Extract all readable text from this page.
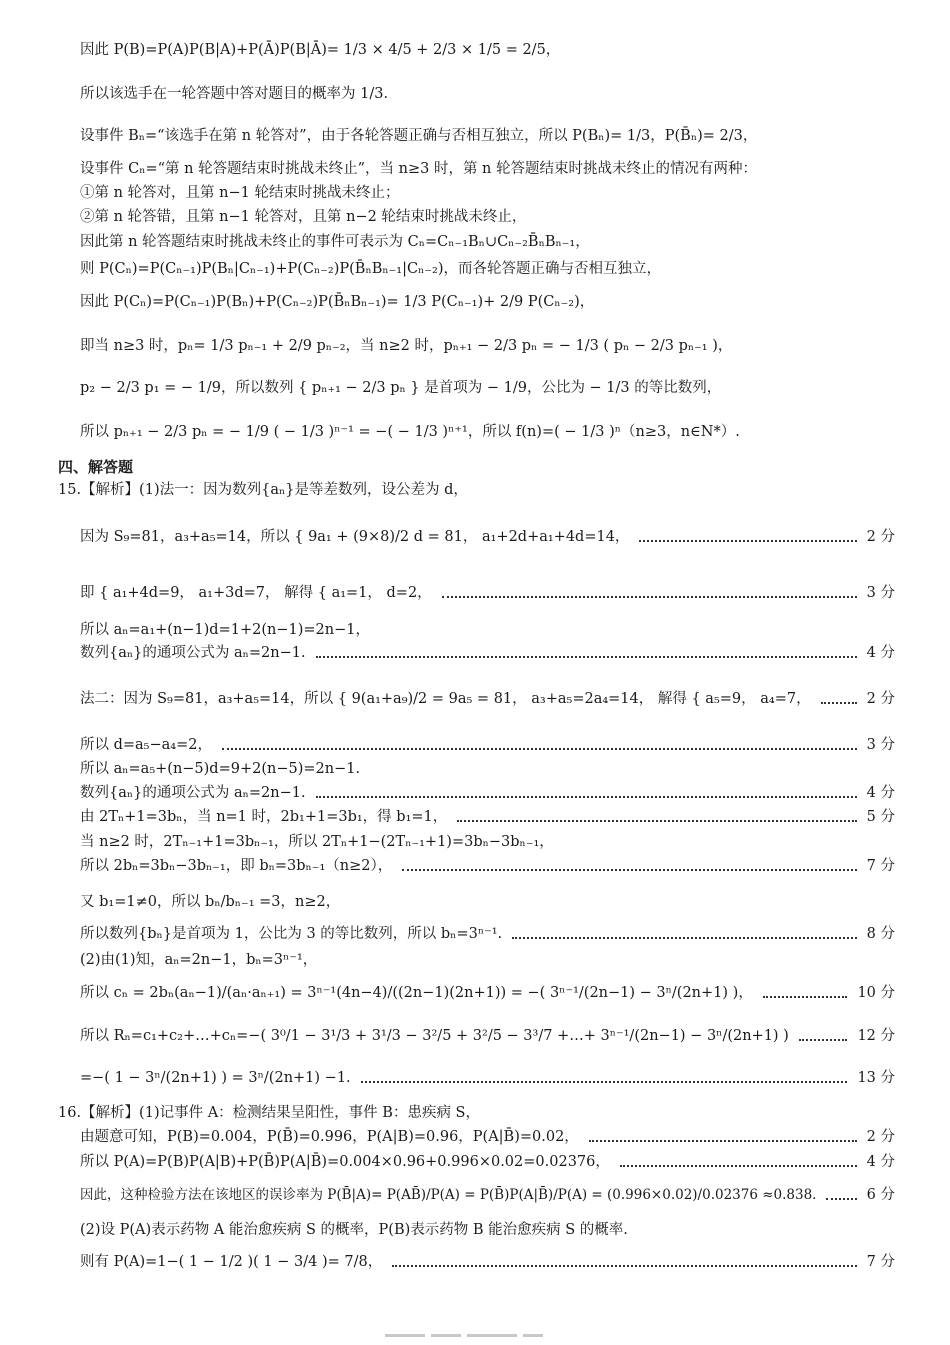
因此 P(B)=P(A)P(B|A)+P(Ā)P(B|Ā)= 1/3 × 4/5 + 2/3 × 1/5 = 2/5，
所以该选手在一轮答题中答对题目的概率为 1/3.
设事件 Bₙ=“该选手在第 n 轮答对”，由于各轮答题正确与否相互独立，所以 P(Bₙ)= 1/3，P(B̄ₙ)= 2/3，
设事件 Cₙ=“第 n 轮答题结束时挑战未终止”，当 n≥3 时，第 n 轮答题结束时挑战未终止的情况有两种：
①第 n 轮答对，且第 n−1 轮结束时挑战未终止；
②第 n 轮答错，且第 n−1 轮答对，且第 n−2 轮结束时挑战未终止，
因此第 n 轮答题结束时挑战未终止的事件可表示为 Cₙ=Cₙ₋₁Bₙ∪Cₙ₋₂B̄ₙBₙ₋₁，
则 P(Cₙ)=P(Cₙ₋₁)P(Bₙ|Cₙ₋₁)+P(Cₙ₋₂)P(B̄ₙBₙ₋₁|Cₙ₋₂)，而各轮答题正确与否相互独立，
因此 P(Cₙ)=P(Cₙ₋₁)P(Bₙ)+P(Cₙ₋₂)P(B̄ₙBₙ₋₁)= 1/3 P(Cₙ₋₁)+ 2/9 P(Cₙ₋₂)，
即当 n≥3 时，pₙ= 1/3 pₙ₋₁ + 2/9 pₙ₋₂，当 n≥2 时，pₙ₊₁ − 2/3 pₙ = − 1/3 ( pₙ − 2/3 pₙ₋₁ )，
p₂ − 2/3 p₁ = − 1/9，所以数列 { pₙ₊₁ − 2/3 pₙ } 是首项为 − 1/9，公比为 − 1/3 的等比数列，
所以 pₙ₊₁ − 2/3 pₙ = − 1/9 ( − 1/3 )ⁿ⁻¹ = −( − 1/3 )ⁿ⁺¹，所以 f(n)=( − 1/3 )ⁿ（n≥3，n∈N*）.
四、解答题
15.【解析】(1)法一：因为数列{aₙ}是等差数列，设公差为 d，
因为 S₉=81，a₃+a₅=14，所以 { 9a₁ + (9×8)/2 d = 81， a₁+2d+a₁+4d=14，	2 分
即 { a₁+4d=9， a₁+3d=7， 解得 { a₁=1， d=2，	3 分
所以 aₙ=a₁+(n−1)d=1+2(n−1)=2n−1，
数列{aₙ}的通项公式为 aₙ=2n−1.	4 分
法二：因为 S₉=81，a₃+a₅=14，所以 { 9(a₁+a₉)/2 = 9a₅ = 81， a₃+a₅=2a₄=14， 解得 { a₅=9， a₄=7，	2 分
所以 d=a₅−a₄=2，	3 分
所以 aₙ=a₅+(n−5)d=9+2(n−5)=2n−1.
数列{aₙ}的通项公式为 aₙ=2n−1.	4 分
由 2Tₙ+1=3bₙ，当 n=1 时，2b₁+1=3b₁，得 b₁=1，	5 分
当 n≥2 时，2Tₙ₋₁+1=3bₙ₋₁，所以 2Tₙ+1−(2Tₙ₋₁+1)=3bₙ−3bₙ₋₁，
所以 2bₙ=3bₙ−3bₙ₋₁，即 bₙ=3bₙ₋₁（n≥2），	7 分
又 b₁=1≠0，所以 bₙ/bₙ₋₁ =3，n≥2，
所以数列{bₙ}是首项为 1，公比为 3 的等比数列，所以 bₙ=3ⁿ⁻¹.	8 分
(2)由(1)知，aₙ=2n−1，bₙ=3ⁿ⁻¹，
所以 cₙ = 2bₙ(aₙ−1)/(aₙ·aₙ₊₁) = 3ⁿ⁻¹(4n−4)/((2n−1)(2n+1)) = −( 3ⁿ⁻¹/(2n−1) − 3ⁿ/(2n+1) )，	10 分
所以 Rₙ=c₁+c₂+…+cₙ=−( 3⁰/1 − 3¹/3 + 3¹/3 − 3²/5 + 3²/5 − 3³/7 +…+ 3ⁿ⁻¹/(2n−1) − 3ⁿ/(2n+1) )	12 分
=−( 1 − 3ⁿ/(2n+1) ) = 3ⁿ/(2n+1) −1.	13 分
16.【解析】(1)记事件 A：检测结果呈阳性，事件 B：患疾病 S，
由题意可知，P(B)=0.004，P(B̄)=0.996，P(A|B)=0.96，P(A|B̄)=0.02，	2 分
所以 P(A)=P(B)P(A|B)+P(B̄)P(A|B̄)=0.004×0.96+0.996×0.02=0.02376，	4 分
因此，这种检验方法在该地区的误诊率为 P(B̄|A)= P(AB̄)/P(A) = P(B̄)P(A|B̄)/P(A) = (0.996×0.02)/0.02376 ≈0.838.	6 分
(2)设 P(A)表示药物 A 能治愈疾病 S 的概率，P(B)表示药物 B 能治愈疾病 S 的概率.
则有 P(A)=1−( 1 − 1/2 )( 1 − 3/4 )= 7/8，	7 分
